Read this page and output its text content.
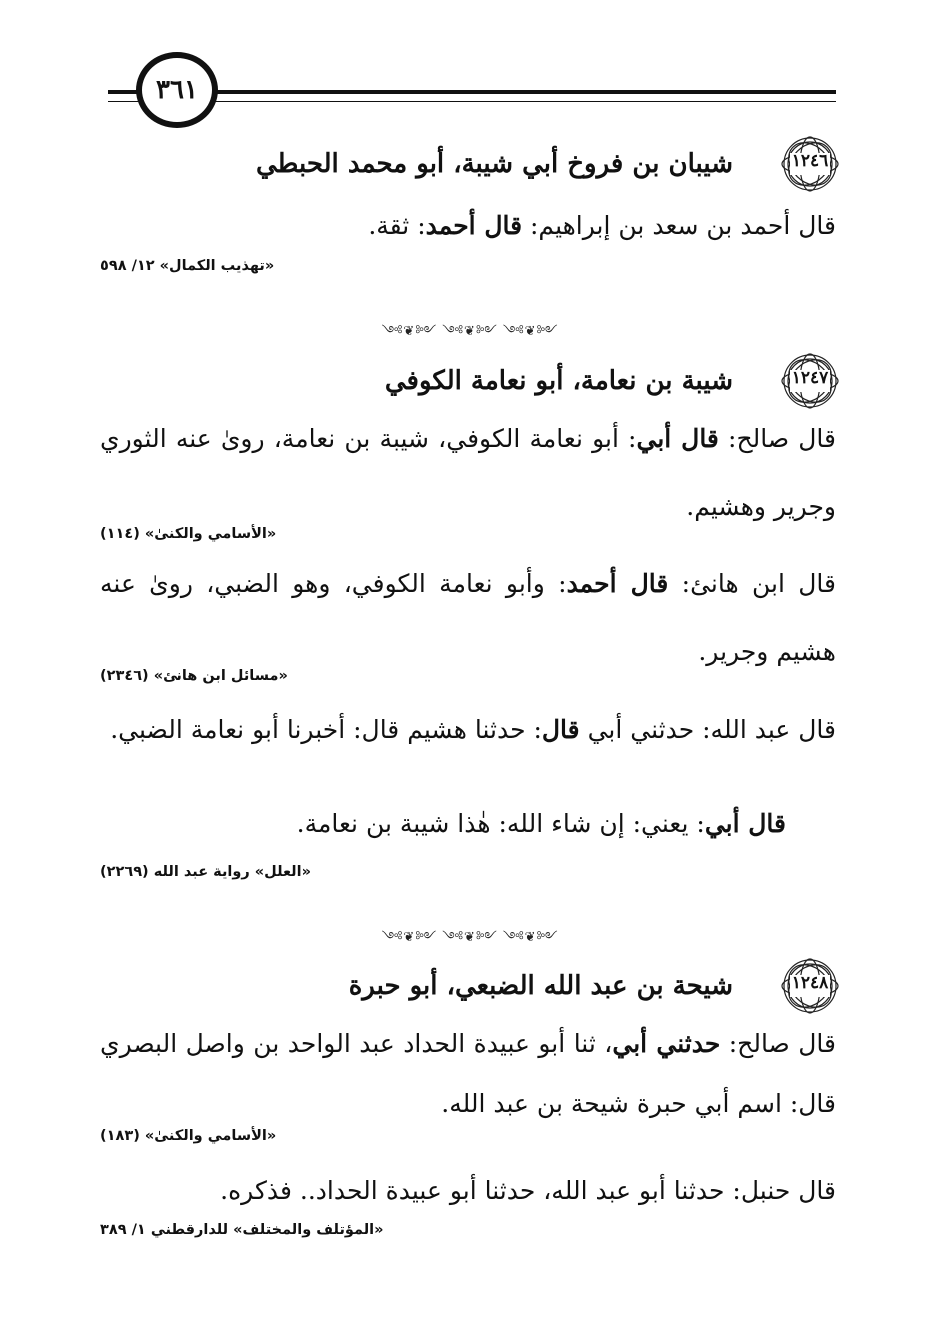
٣٦١
١٢٤٦
شيبان بن فروخ أبي شيبة، أبو محمد الحبطي
قال أحمد بن سعد بن إبراهيم: قال أحمد: ثقة.
«تهذيب الكمال» ١٢/ ٥٩٨
༺❦༻ ༺❦༻ ༺❦༻
١٢٤٧
شيبة بن نعامة، أبو نعامة الكوفي
قال صالح: قال أبي: أبو نعامة الكوفي، شيبة بن نعامة، روىٰ عنه الثوري وجرير وهشيم.
«الأسامي والكنىٰ» (١١٤)
قال ابن هانئ: قال أحمد: وأبو نعامة الكوفي، وهو الضبي، روىٰ عنه هشيم وجرير.
«مسائل ابن هانئ» (٢٣٤٦)
قال عبد الله: حدثني أبي قال: حدثنا هشيم قال: أخبرنا أبو نعامة الضبي.
قال أبي: يعني: إن شاء الله: هٰذا شيبة بن نعامة.
«العلل» رواية عبد الله (٢٢٦٩)
༺❦༻ ༺❦༻ ༺❦༻
١٢٤٨
شيحة بن عبد الله الضبعي، أبو حبرة
قال صالح: حدثني أبي، ثنا أبو عبيدة الحداد عبد الواحد بن واصل البصري قال: اسم أبي حبرة شيحة بن عبد الله.
«الأسامي والكنىٰ» (١٨٣)
قال حنبل: حدثنا أبو عبد الله، حدثنا أبو عبيدة الحداد.. فذكره.
«المؤتلف والمختلف» للدارقطني ١/ ٣٨٩
